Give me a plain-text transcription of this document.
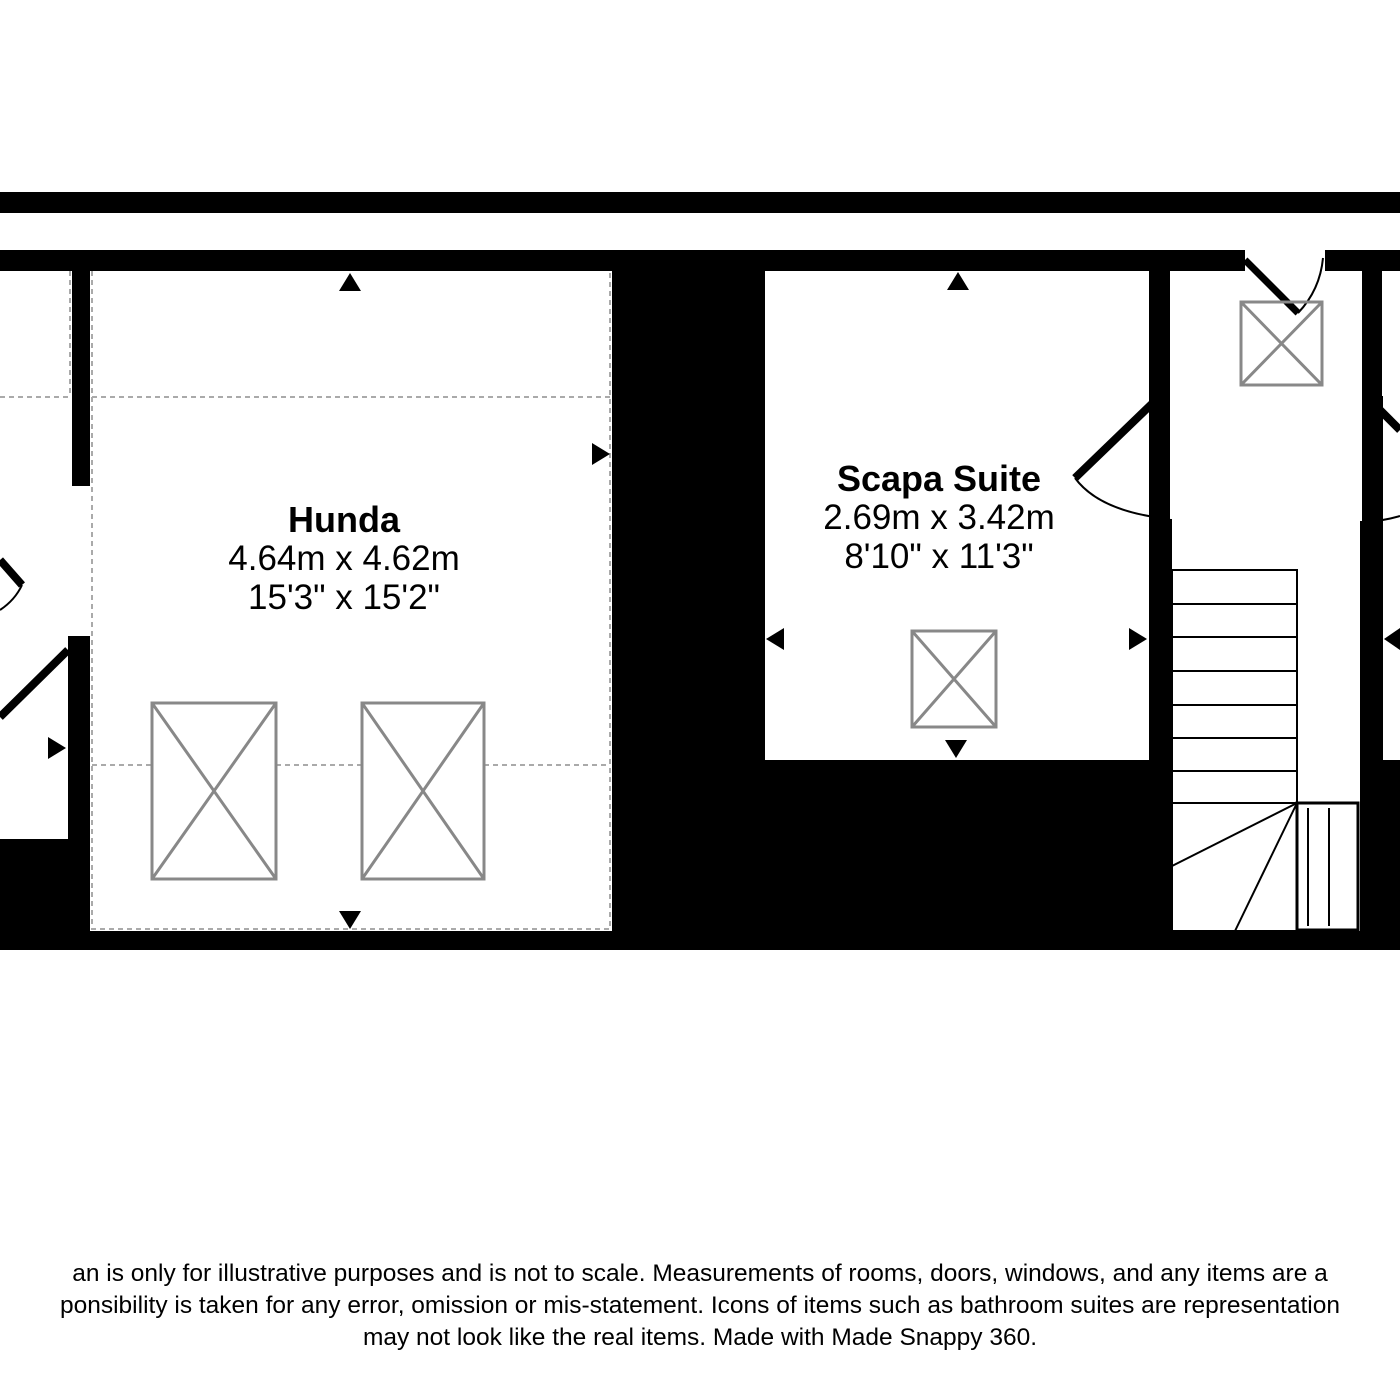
Hunda
4.64m x 4.62m
15'3" x 15'2"
Scapa Suite
2.69m x 3.42m
8'10" x 11'3"
an is only for illustrative purposes and is not to scale. Measurements of rooms, doors, windows, and any items are a
ponsibility is taken for any error, omission or mis-statement. Icons of items such as bathroom suites are representation
may not look like the real items. Made with Made Snappy 360.
